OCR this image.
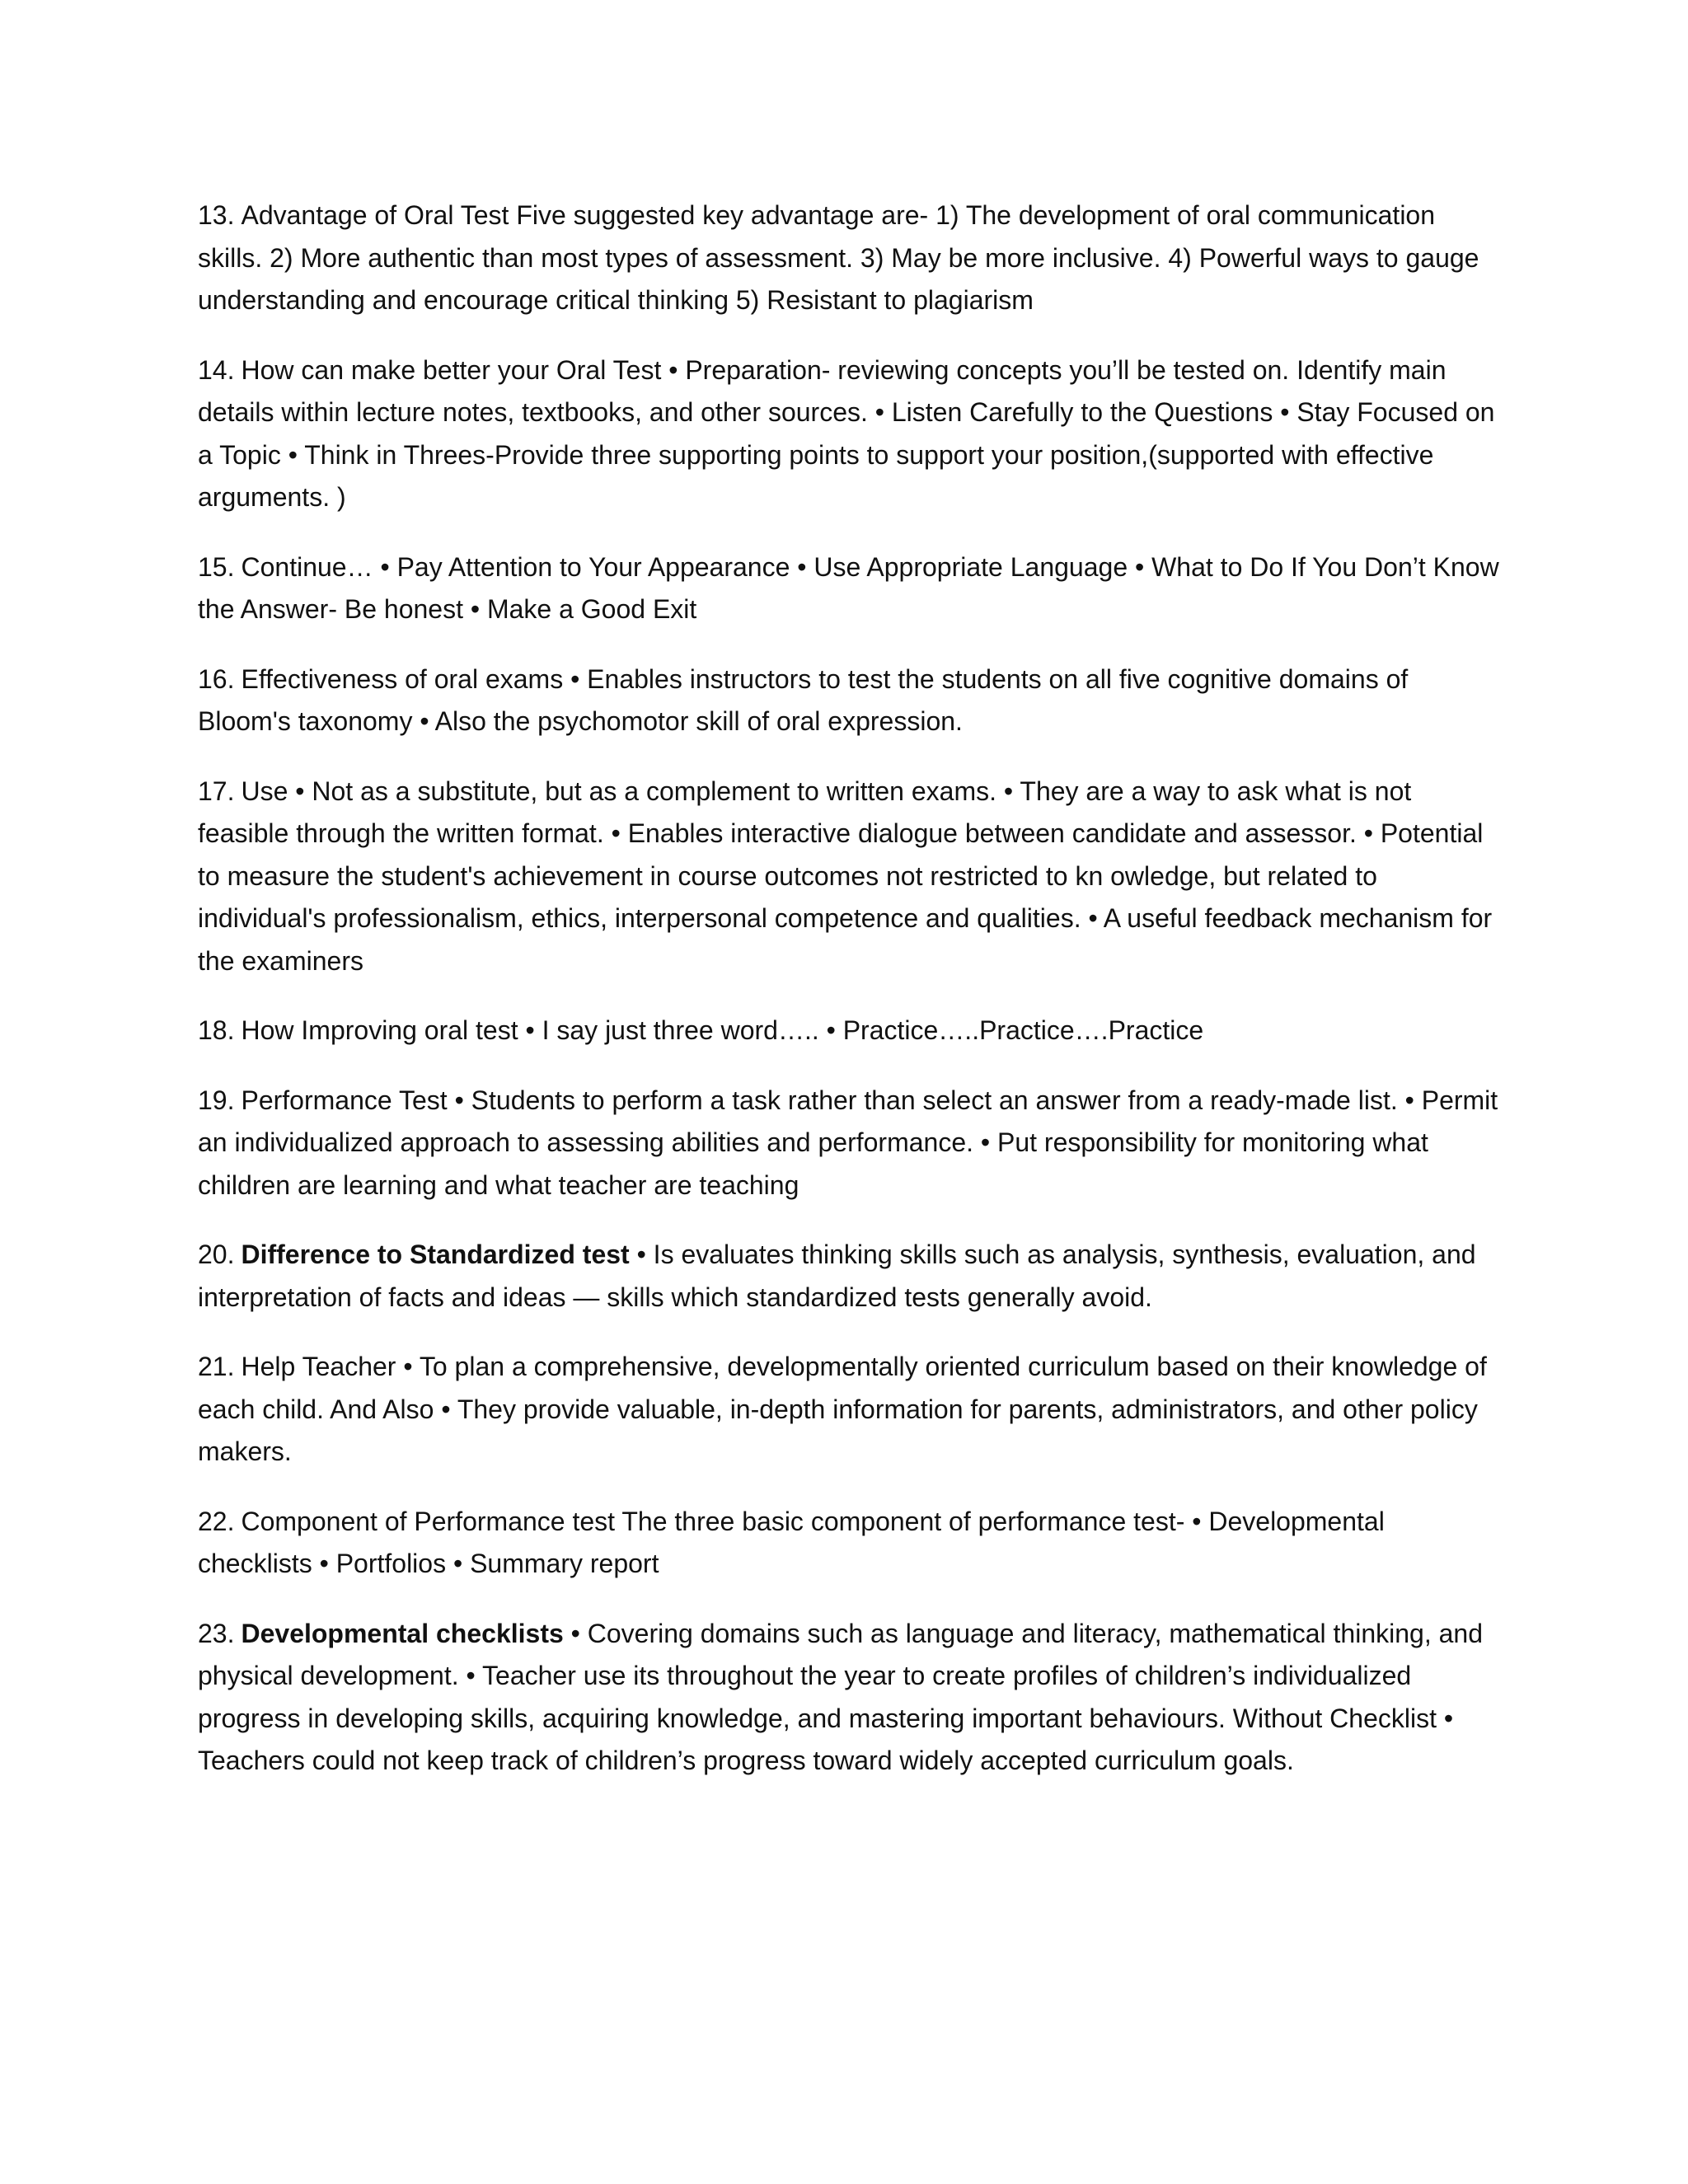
13. Advantage of Oral Test Five suggested key advantage are- 1) The development of oral communication skills. 2) More authentic than most types of assessment. 3) May be more inclusive. 4) Powerful ways to gauge understanding and encourage critical thinking 5) Resistant to plagiarism

14. How can make better your Oral Test • Preparation- reviewing concepts you’ll be tested on. Identify main details within lecture notes, textbooks, and other sources. • Listen Carefully to the Questions • Stay Focused on a Topic • Think in Threes-Provide three supporting points to support your position,(supported with effective arguments. )

15. Continue… • Pay Attention to Your Appearance • Use Appropriate Language • What to Do If You Don’t Know the Answer- Be honest • Make a Good Exit

16. Effectiveness of oral exams • Enables instructors to test the students on all five cognitive domains of Bloom's taxonomy • Also the psychomotor skill of oral expression.

17. Use • Not as a substitute, but as a complement to written exams. • They are a way to ask what is not feasible through the written format. • Enables interactive dialogue between candidate and assessor. • Potential to measure the student's achievement in course outcomes not restricted to kn owledge, but related to individual's professionalism, ethics, interpersonal competence and qualities. • A useful feedback mechanism for the examiners

18. How Improving oral test • I say just three word….. • Practice…..Practice….Practice

19. Performance Test • Students to perform a task rather than select an answer from a ready-made list. • Permit an individualized approach to assessing abilities and performance. • Put responsibility for monitoring what children are learning and what teacher are teaching

20. Difference to Standardized test • Is evaluates thinking skills such as analysis, synthesis, evaluation, and interpretation of facts and ideas — skills which standardized tests generally avoid.

21. Help Teacher • To plan a comprehensive, developmentally oriented curriculum based on their knowledge of each child. And Also • They provide valuable, in-depth information for parents, administrators, and other policy makers.

22. Component of Performance test The three basic component of performance test- • Developmental checklists • Portfolios • Summary report

23. Developmental checklists • Covering domains such as language and literacy, mathematical thinking, and physical development. • Teacher use its throughout the year to create profiles of children’s individualized progress in developing skills, acquiring knowledge, and mastering important behaviours. Without Checklist • Teachers could not keep track of children’s progress toward widely accepted curriculum goals.
